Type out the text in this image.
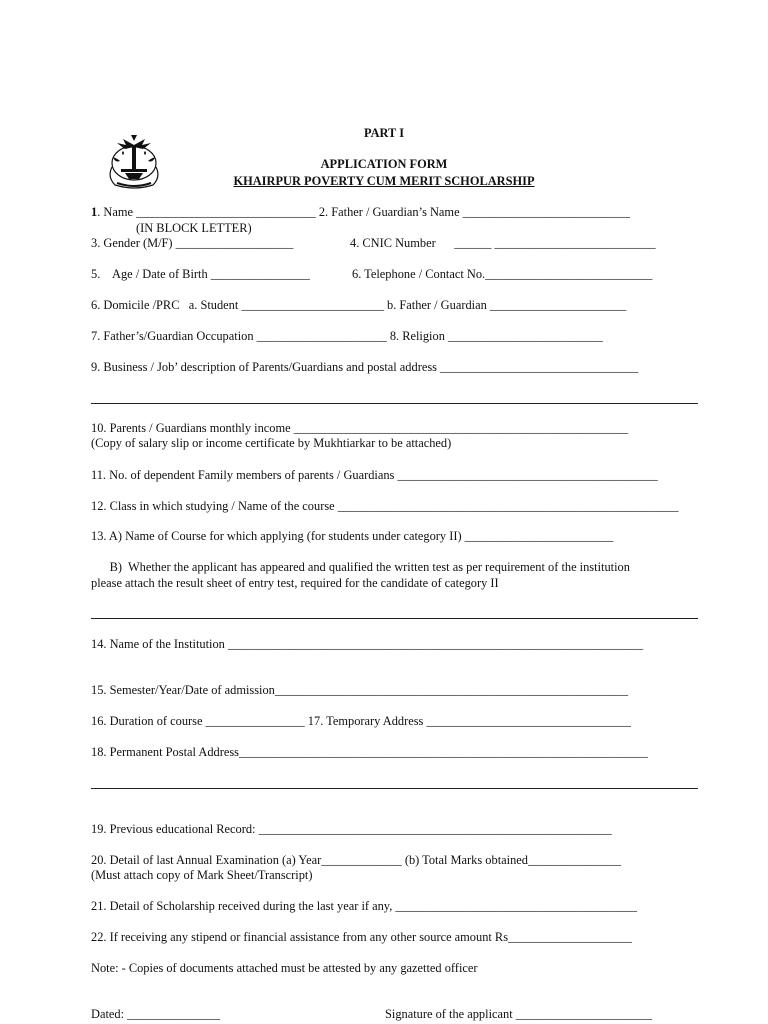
PART I
APPLICATION FORM
KHAIRPUR POVERTY CUM MERIT SCHOLARSHIP
1. Name _____________________________ 2. Father / Guardian’s Name ___________________________
(IN BLOCK LETTER)
3. Gender (M/F) ___________________	4. CNIC Number      ______ __________________________
5.    Age / Date of Birth ________________	6. Telephone / Contact No.___________________________
6. Domicile /PRC   a. Student _______________________ b. Father / Guardian ______________________
7. Father’s/Guardian Occupation _____________________ 8. Religion _________________________
9. Business / Job’ description of Parents/Guardians and postal address ________________________________
10. Parents / Guardians monthly income ______________________________________________________
(Copy of salary slip or income certificate by Mukhtiarkar to be attached)
11. No. of dependent Family members of parents / Guardians __________________________________________
12. Class in which studying / Name of the course _______________________________________________________
13. A) Name of Course for which applying (for students under category II) ________________________
B)  Whether the applicant has appeared and qualified the written test as per requirement of the institution
please attach the result sheet of entry test, required for the candidate of category II
14. Name of the Institution ___________________________________________________________________
15. Semester/Year/Date of admission_________________________________________________________
16. Duration of course ________________ 17. Temporary Address _________________________________
18. Permanent Postal Address__________________________________________________________________
19. Previous educational Record: _________________________________________________________
20. Detail of last Annual Examination (a) Year_____________ (b) Total Marks obtained_______________
(Must attach copy of Mark Sheet/Transcript)
21. Detail of Scholarship received during the last year if any, _______________________________________
22. If receiving any stipend or financial assistance from any other source amount Rs____________________
Note: - Copies of documents attached must be attested by any gazetted officer
Dated: _______________	Signature of the applicant ______________________
